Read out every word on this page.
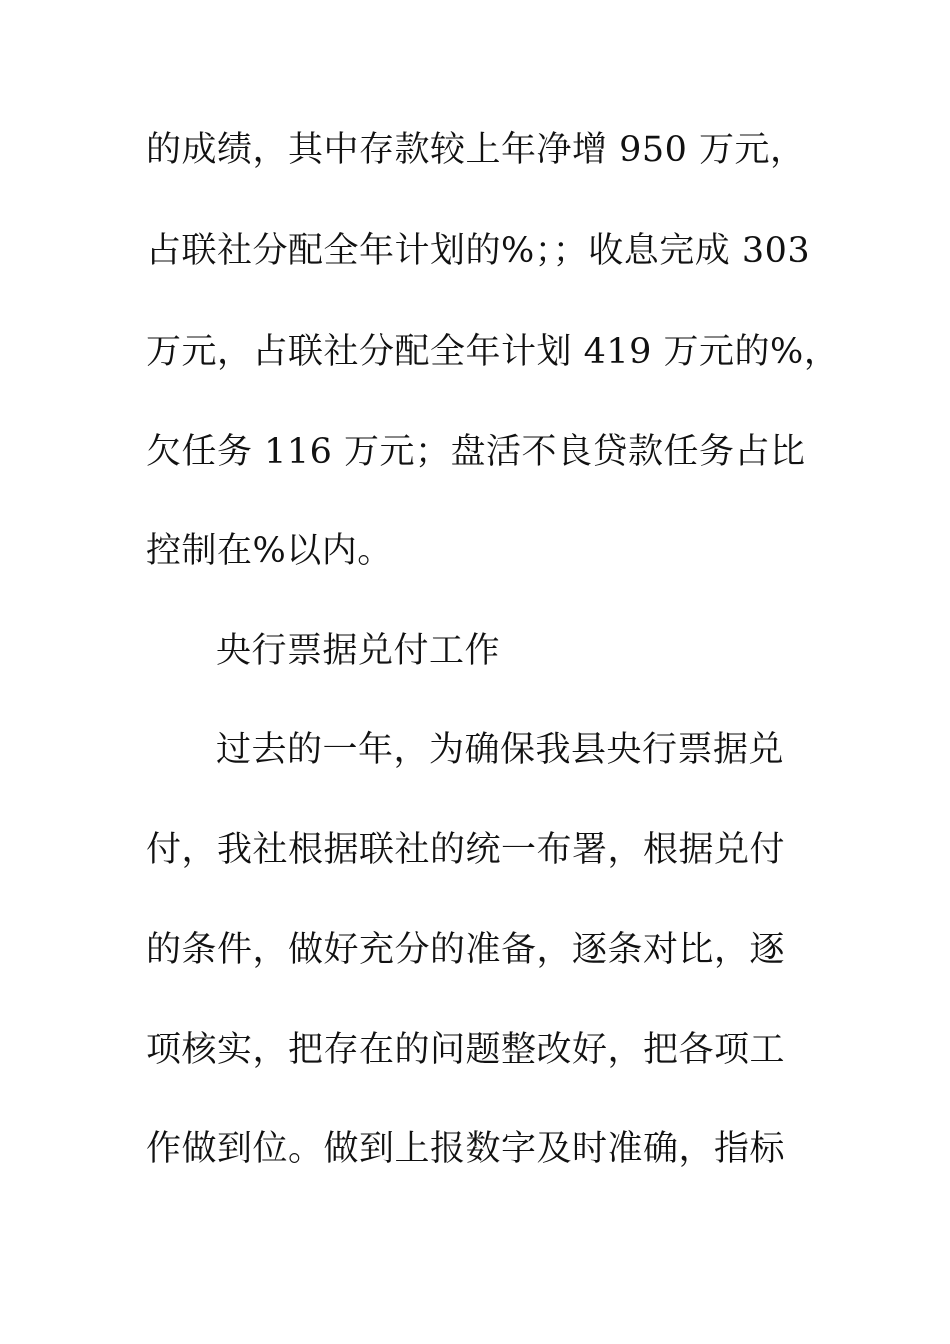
的成绩，其中存款较上年净增 950 万元，
占联社分配全年计划的%；；收息完成 303
万元，占联社分配全年计划 419 万元的%，
欠任务 116 万元；盘活不良贷款任务占比
控制在%以内。
央行票据兑付工作
过去的一年，为确保我县央行票据兑
付，我社根据联社的统一布署，根据兑付
的条件，做好充分的准备，逐条对比，逐
项核实，把存在的问题整改好，把各项工
作做到位。做到上报数字及时准确，指标
